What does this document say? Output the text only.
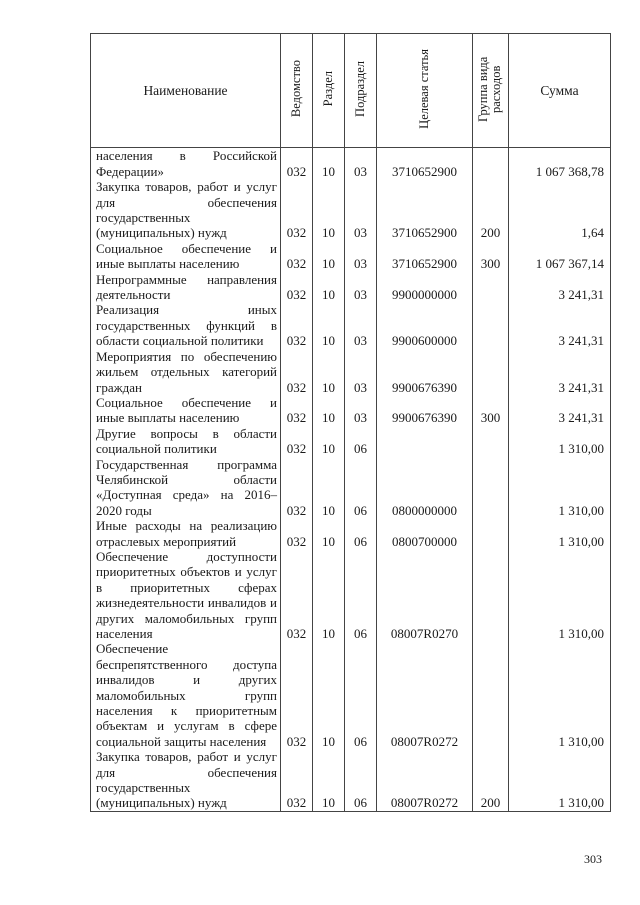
Наименование	Ведомство	Раздел	Подраздел	Целевая статья	Группа вида расходов	Сумма
населения в Российской Федерации»	032	10	03	3710652900		1 067 368,78
Закупка товаров, работ и услуг для обеспечения государственных (муниципальных) нужд	032	10	03	3710652900	200	1,64
Социальное обеспечение и иные выплаты населению	032	10	03	3710652900	300	1 067 367,14
Непрограммные направления деятельности	032	10	03	9900000000		3 241,31
Реализация иных государственных функций в области социальной политики	032	10	03	9900600000		3 241,31
Мероприятия по обеспечению жильем отдельных категорий граждан	032	10	03	9900676390		3 241,31
Социальное обеспечение и иные выплаты населению	032	10	03	9900676390	300	3 241,31
Другие вопросы в области социальной политики	032	10	06			1 310,00
Государственная программа Челябинской области «Доступная среда» на 2016–2020 годы	032	10	06	0800000000		1 310,00
Иные расходы на реализацию отраслевых мероприятий	032	10	06	0800700000		1 310,00
Обеспечение доступности приоритетных объектов и услуг в приоритетных сферах жизнедеятельности инвалидов и других маломобильных групп населения	032	10	06	08007R0270		1 310,00
Обеспечение беспрепятственного доступа инвалидов и других маломобильных групп населения к приоритетным объектам и услугам в сфере социальной защиты населения	032	10	06	08007R0272		1 310,00
Закупка товаров, работ и услуг для обеспечения государственных (муниципальных) нужд	032	10	06	08007R0272	200	1 310,00
303
